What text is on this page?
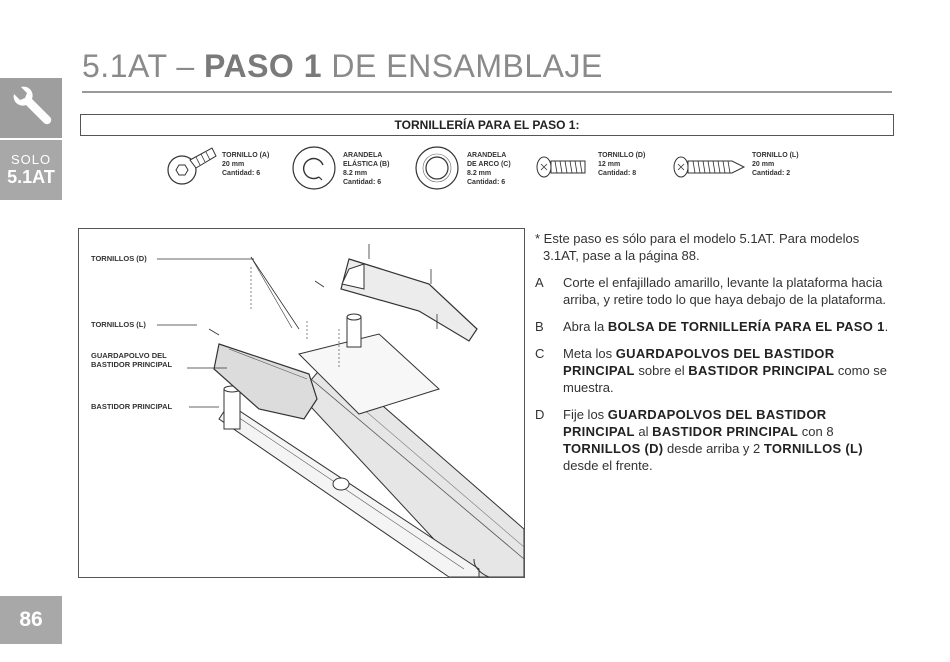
5.1AT – PASO 1 DE ENSAMBLAJE
SOLO
5.1AT
86
TORNILLERÍA PARA EL PASO 1:
TORNILLO (A)
20 mm
Cantidad: 6
ARANDELA
ELÁSTICA (B)
8.2 mm
Cantidad: 6
ARANDELA
DE ARCO (C)
8.2 mm
Cantidad: 6
TORNILLO (D)
12 mm
Cantidad: 8
TORNILLO (L)
20 mm
Cantidad: 2
TORNILLOS (D)
TORNILLOS (L)
GUARDAPOLVO DEL
BASTIDOR PRINCIPAL
BASTIDOR PRINCIPAL
* Este paso es sólo para el modelo 5.1AT. Para modelos
3.1AT, pase a la página 88.
A	Corte el enfajillado amarillo, levante la plataforma hacia arriba, y retire todo lo que haya debajo de la plataforma.
B	Abra la BOLSA DE TORNILLERÍA PARA EL PASO 1.
C	Meta los GUARDAPOLVOS DEL BASTIDOR PRINCIPAL sobre el BASTIDOR PRINCIPAL como se muestra.
D	Fije los GUARDAPOLVOS DEL BASTIDOR PRINCIPAL al BASTIDOR PRINCIPAL con 8 TORNILLOS (D) desde arriba y 2 TORNILLOS (L) desde el frente.
